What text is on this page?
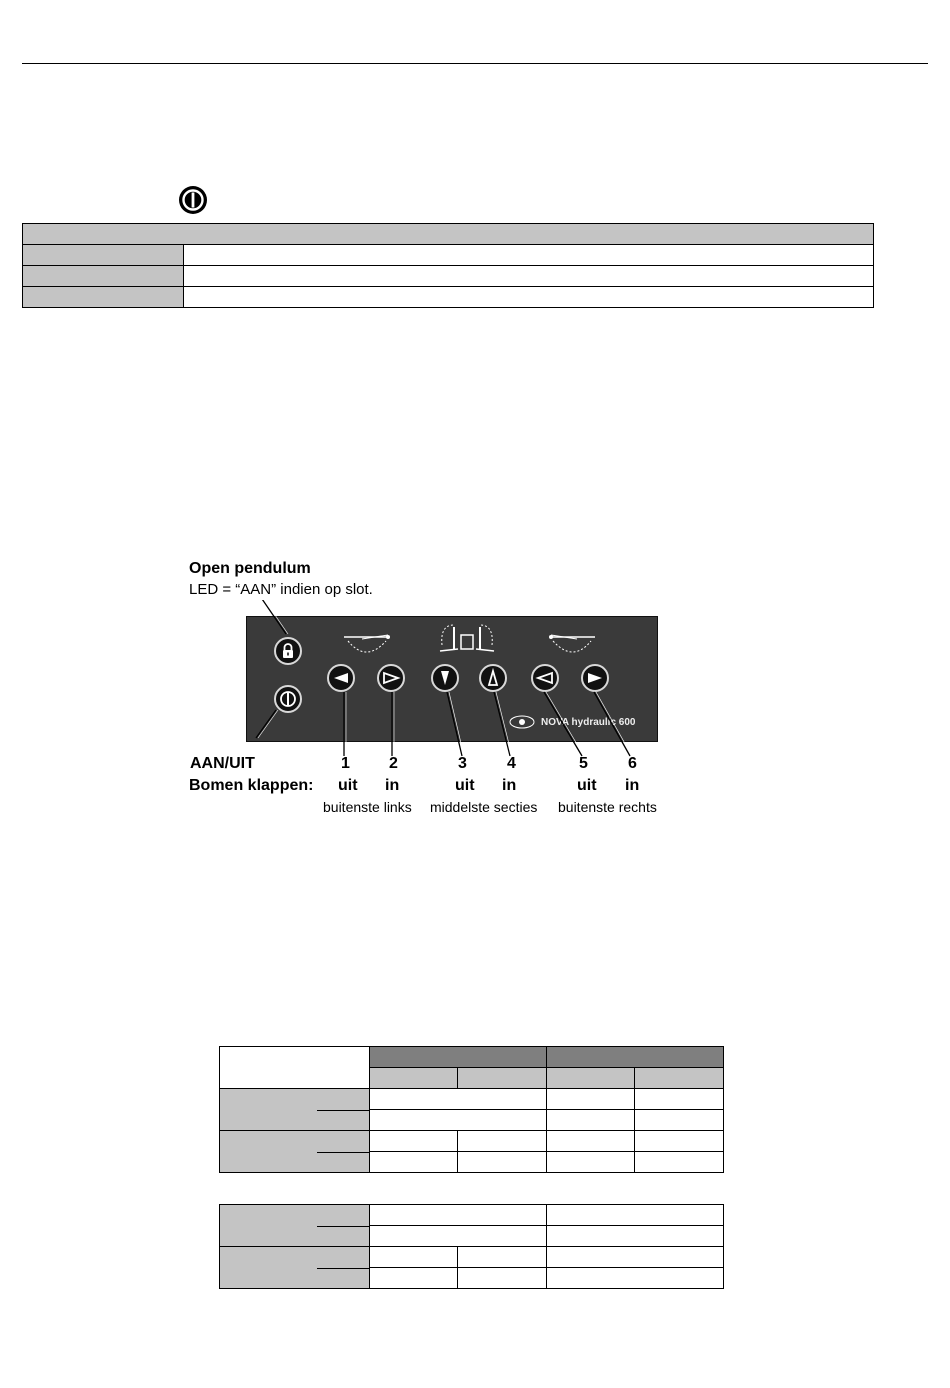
Open pendulum
LED = “AAN” indien op slot.
NOVA hydraulic 600
AAN/UIT
Bomen klappen:
1 2	3	4	5	6
uit in	uit in	uit in
buitenste links middelste secties buitenste rechts
